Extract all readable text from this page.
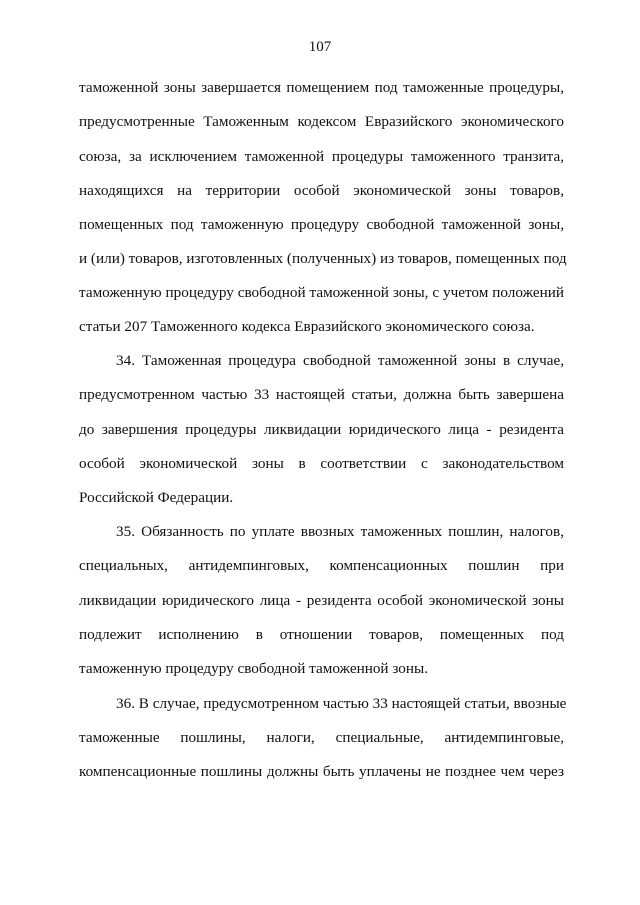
107
таможенной зоны завершается помещением под таможенные процедуры,
предусмотренные Таможенным кодексом Евразийского экономического
союза, за исключением таможенной процедуры таможенного транзита,
находящихся на территории особой экономической зоны товаров,
помещенных под таможенную процедуру свободной таможенной зоны,
и (или) товаров, изготовленных (полученных) из товаров, помещенных под
таможенную процедуру свободной таможенной зоны, с учетом положений
статьи 207 Таможенного кодекса Евразийского экономического союза.
34. Таможенная процедура свободной таможенной зоны в случае,
предусмотренном частью 33 настоящей статьи, должна быть завершена
до завершения процедуры ликвидации юридического лица - резидента
особой экономической зоны в соответствии с законодательством
Российской Федерации.
35. Обязанность по уплате ввозных таможенных пошлин, налогов,
специальных, антидемпинговых, компенсационных пошлин при
ликвидации юридического лица - резидента особой экономической зоны
подлежит исполнению в отношении товаров, помещенных под
таможенную процедуру свободной таможенной зоны.
36. В случае, предусмотренном частью 33 настоящей статьи, ввозные
таможенные пошлины, налоги, специальные, антидемпинговые,
компенсационные пошлины должны быть уплачены не позднее чем через
